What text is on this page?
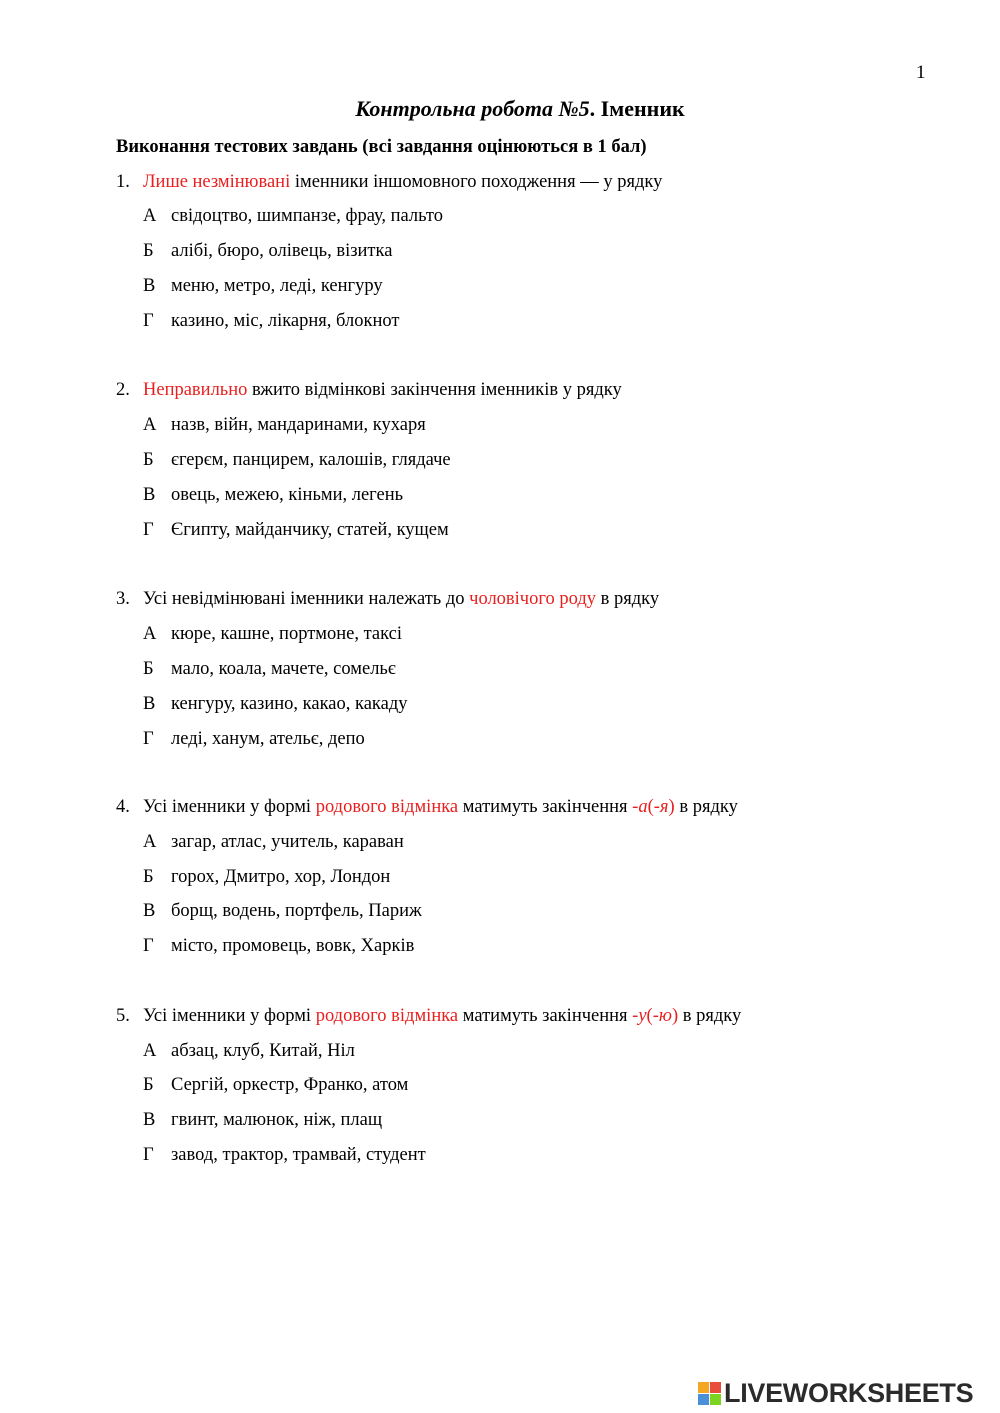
1
Контрольна робота №5. Іменник
Виконання тестових завдань (всі завдання оцінюються в 1 бал)
1. Лише незмінювані іменники іншомовного походження — у рядку
А свідоцтво, шимпанзе, фрау, пальто
Б алібі, бюро, олівець, візитка
В меню, метро, леді, кенгуру
Г казино, міс, лікарня, блокнот
2. Неправильно вжито відмінкові закінчення іменників у рядку
А назв, війн, мандаринами, кухаря
Б єгерєм, панцирем, калошів, глядаче
В овець, межею, кіньми, легень
Г Єгипту, майданчику, статей, кущем
3. Усі невідмінювані іменники належать до чоловічого роду в рядку
А кюре, кашне, портмоне, таксі
Б мало, коала, мачете, сомельє
В кенгуру, казино, какао, какаду
Г леді, ханум, ательє, депо
4. Усі іменники у формі родового відмінка матимуть закінчення -а(-я) в рядку
А загар, атлас, учитель, караван
Б горох, Дмитро, хор, Лондон
В борщ, водень, портфель, Париж
Г місто, промовець, вовк, Харків
5. Усі іменники у формі родового відмінка матимуть закінчення -у(-ю) в рядку
А абзац, клуб, Китай, Ніл
Б Сергій, оркестр, Франко, атом
В гвинт, малюнок, ніж, плащ
Г завод, трактор, трамвай, студент
LIVEWORKSHEETS
